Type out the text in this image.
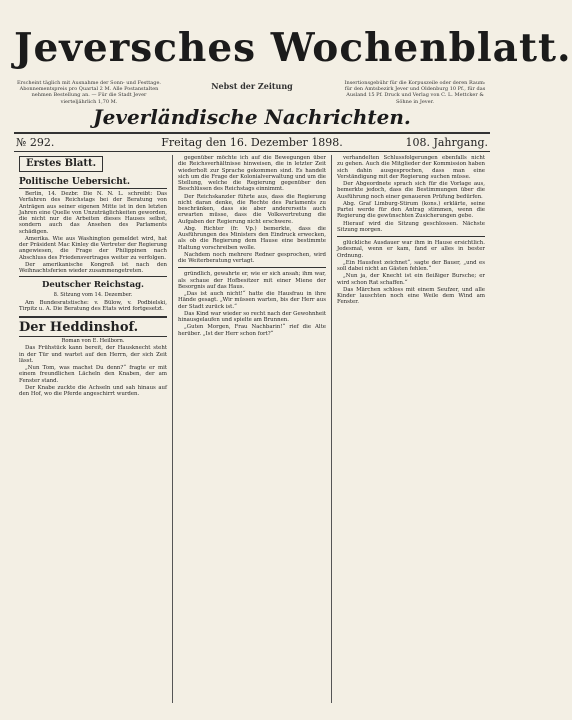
Jeversches Wochenblatt.
Erscheint täglich mit Ausnahme der Sonn- und Festtage. Abonnementspreis pro Quartal 2 M. Alle Postanstalten nehmen Bestellung an. — Für die Stadt Jever vierteljährlich 1,70 M.
Nebst der Zeitung	Insertionsgebühr für die Korpuszeile oder deren Raum: für den Amtsbezirk Jever und Oldenburg 10 Pf., für das Ausland 15 Pf. Druck und Verlag von C. L. Mettcker & Söhne in Jever.
Jeverländische Nachrichten.
№ 292.	Freitag den 16. Dezember 1898.	108. Jahrgang.
Erstes Blatt.
Politische Uebersicht.

Berlin, 14. Dezbr. Die N. N. L. schreibt: Das Verfahren des Reichstags bei der Beratung von Anträgen aus seiner eigenen Mitte ist in den letzten Jahren eine Quelle von Unzuträglichkeiten geworden, die nicht nur die Arbeiten dieses Hauses selbst, sondern auch das Ansehen des Parlaments schädigen.

Amerika. Wie aus Washington gemeldet wird, hat der Präsident Mac Kinley die Vertreter der Regierung angewiesen, die Frage der Philippinen nach Abschluss des Friedensvertrages weiter zu verfolgen.

Der amerikanische Kongreß ist nach den Weihnachtsferien wieder zusammengetreten.

Deutscher Reichstag.
8. Sitzung vom 14. Dezember.

Am Bundesratstische: v. Bülow, v. Podbielski, Tirpitz u. A. Die Beratung des Etats wird fortgesetzt.

Der Heddinshof.
Roman von E. Heilborn.

Das Frühstück kann bereit, der Hausknecht steht in der Tür und wartet auf den Herrn, der sich Zeit lässt.

„Nun Tom, was machst Du denn?“ fragte er mit einem freundlichen Lächeln den Knaben, der am Fenster stand.

Der Knabe zuckte die Achseln und sah hinaus auf den Hof, wo die Pferde angeschirrt wurden.

gegenüber möchte ich auf die Bewegungen über die Reichsverhältnisse hinweisen, die in letzter Zeit wiederholt zur Sprache gekommen sind. Es handelt sich um die Frage der Kolonialverwaltung und um die Stellung, welche die Regierung gegenüber den Beschlüssen des Reichstags einnimmt.

Der Reichskanzler führte aus, dass die Regierung nicht daran denke, die Rechte des Parlaments zu beschränken, dass sie aber andererseits auch erwarten müsse, dass die Volksvertretung die Aufgaben der Regierung nicht erschwere.

Abg. Richter (fr. Vp.) bemerkte, dass die Ausführungen des Ministers den Eindruck erwecken, als ob die Regierung dem Hause eine bestimmte Haltung vorschreiben wolle.

Nachdem noch mehrere Redner gesprochen, wird die Weiterberatung vertagt.

gründlich, gewahrte er, wie er sich ansah; ihm war, als schaue der Hofbesitzer mit einer Miene der Besorgnis auf das Haus.

„Das ist auch nicht!“ hatte die Hausfrau in ihre Hände gesagt. „Wir müssen warten, bis der Herr aus der Stadt zurück ist.“

Das Kind war wieder so recht nach der Gewohnheit hinausgelaufen und spielte am Brunnen.

„Guten Morgen, Frau Nachbarin!“ rief die Alte herüber. „Ist der Herr schon fort?“

verhandelten Schlussfolgerungen ebenfalls nicht zu gehen. Auch die Mitglieder der Kommission haben sich dahin ausgesprochen, dass man eine Verständigung mit der Regierung suchen müsse.

Der Abgeordnete sprach sich für die Vorlage aus, bemerkte jedoch, dass die Bestimmungen über die Ausführung noch einer genaueren Prüfung bedürfen.

Abg. Graf Limburg-Stirum (kons.) erklärte, seine Partei werde für den Antrag stimmen, wenn die Regierung die gewünschten Zusicherungen gebe.

Hierauf wird die Sitzung geschlossen. Nächste Sitzung morgen.

glückliche Ausdauer war ihm in Hause ersichtlich. Jedesmal, wenn er kam, fand er alles in bester Ordnung.

„Ein Hausfest zeichnet“, sagte der Bauer, „und es soll dabei nicht an Gästen fehlen.“

„Nun ja, der Knecht ist ein fleißiger Bursche; er wird schon Rat schaffen.“

Das Märchen schloss mit einem Seufzer, und alle Kinder lauschten noch eine Weile dem Wind am Fenster.
